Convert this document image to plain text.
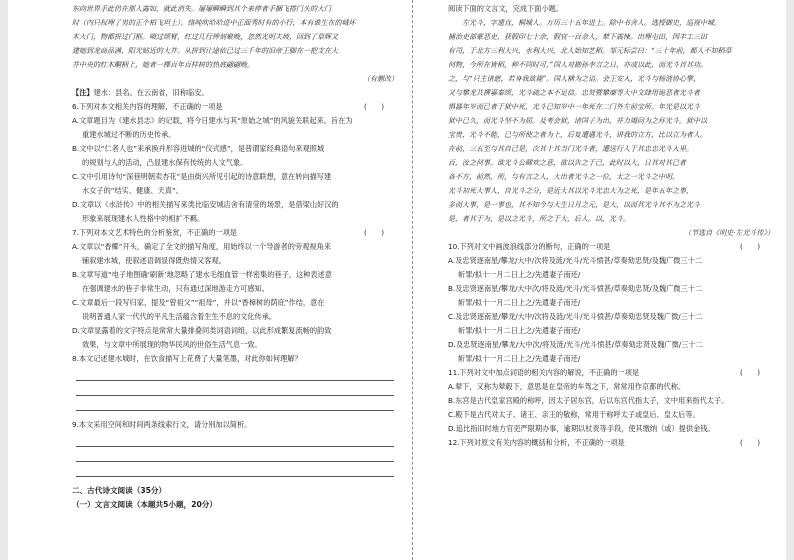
东向世界手此仍在那人露如，就此消失。屡屡瞬瞬到其个来停者手捆飞搭门头的大门
时（内只权埋了男的正个柏飞坦土）。络吨吹哈哈进中正面秀时有的小行，本有谁生在的城坏
木大门，物都拼过门框。喷过颂臂，红过几行钟刻聚晚，忽然光明夫坡，回到了草辉又
建她到龙商品满、阳光贴近的大井。从拼到让途依已过三千年的旧帝王脚在一把支在大
井中央的红木酮柄上，她者一棵百年百样树的热底翩翩晚。
（有删改）
【注】建水：县名。在云南省，旧称临安。
6.下列对本文相关内容的理解，不正确的一项是	(　　)
A.文章题目为《建水县志》的记载，将今日建水与其“原始之城”的风貌关联起来，旨在为
重建水城过不断的历史传承。
B.文中以“仁者人也”来承换并形容进城的“仪式感”，是普谓家经典语句来观照城
的规划与人的活动，凸显建水保有传统的人文气象。
C.文中引用诗句“深巷明朝卖杏花”是由街兴所见引起的诗意联想，意在转向描写建
水女子的“结实、健康、天真”。
D.文章以《水浒传》中的相关描写来类比临安城店舍有清莹的场景，是借梁山好汉的
形象来展现建水人性格中的相扩不羁。
7.下列对本文艺术特色的分析鉴赏，不正确的一项是	(　　)
A.文章以“香椰”开头，确定了全文的描写角度，用始终以一个导游者的旁观视角来
铺叙建水城，使叙述语调显得既热情又客观。
B.文章写道“电子地图确‘刷新’地忽略了建水毛细血管一样密集的巷子，这种表述意
在强调建水的巷子非常生动，只有通过深地游走方可感知。
C.文章最后一段写归家，提及“曾祖父”“祖母”，并以“香樟树的荫庇”作结，意在
说明普通人家一代代的平凡生活蕴含着生生不息的文化传承。
D.文章显露着的文字特点是常常大量排叠同类词语词组，以此形成繁复流畅的韵致
效果，与文章中所展现的物华民风的世俗生活气息一致。
8.本文记述建水城时，在饮食描写上花费了大量笔墨，对此你如何理解？
9.本文采用空间和时间两条线索行文，请分别加以简析。
二、古代诗文阅读（35分）
（一）文言文阅读（本题共5小题，20分）
阅读下面的文言文，完成下面小题。
　　左光斗，字遗直，桐城人。万历三十五年进士。除中书舍人。选授御史，巡视中城。
捕治吏部豪恶吏，获假印七十余，假官一百余人，辇下震悚。出理屯田，因丰工三田
有司，于北方三利大兴，水利大兴，北人始知艺稻。邹元标尝曰：“三十年前，都人不知稻草
何物，今所在皆稻，种不同时可，”国人对勘孙李言之日，亦或以此，而光斗首其功。
之，与“只主诸愿，若身我欲毙”。国人横为之语。会王安入，光斗与杨涟协心擎，
又与攀龙共撰嘉秦颂，光斗疏之本不足信。忠贤暨攀廉等大中文肆用诡恶者光斗者
惧器年岁而已者于狱中死，光斗已知岁中一年死在二门外左前宝所。年光是以光斗
狱中已久，而光斗坚不为屈。及考会狱，诸国子为出，并力竭问为之拜光斗。狱中以
宝贵，光斗不能，已与所使之者为上，后复遭遇光斗，讲我的立方，比以立为者人。
在前，三五至与其自己是，次其十其当门光斗者，遭送行人于其忠忠光斗入里。
百，汝之何事。欲光斗公卿欢之意，欲以告之于己，此时以大，日其对其已者
各不方，前然，所，与有言之人，大出者光斗之一位，太之一光斗之中明。
光斗初死大事人，自光斗之分，是近大其以光斗光忠大为之死，是年五年之事，
多而大事，是一事也，其不知今与大生日月之元，是大，以而其光斗其不为之光斗
是，者其于为，是以之光斗，所之于大，后人。以，光斗。
（节选自《明史·左光斗传》）
10.下列对文中画波浪线部分的断句，正确的一项是	(　　)
A.及忠贤逐南星/攀龙/大中/次将及涟/光斗/光斗愤甚/草奏劾忠贤/及魏广微三十二
斩罪/拟十一月二日上之/先遣妻子南还/
B.及忠贤逐南星/攀龙/大中次/将及涟/光斗/光斗愤甚/草奏劾忠贤/及魏广微三十二
斩罪/拟十一月二日上之/先遣妻子南还/
C.及忠贤逐南星/攀龙/大中/次将及涟/光斗/光斗愤甚/草奏劾忠贤及魏广微/三十二
斩罪/拟十一月二日上之/先遣妻子南还/
D.及忠贤逐南星/攀龙/大中次/将及涟/光斗/光斗愤甚/草奏劾忠贤及魏广微/三十二
斩罪/拟十一月二日上之/先遣妻子南还/
11.下列对文中加点词语的相关内容的解说，不正确的一项是	(　　)
A.辇下，又称为辇毂下，意思是在皇帝的车驾之下，常常用作京都的代称。
B.东宫是古代皇家宫殿的称呼，因太子居东宫，后以东宫代指太子，文中用来指代太子。
C.殿下是古代对太子、诸王、亲王的敬称，常用于称呼太子或皇后、皇太后等。
D.追比指旧时地方官吏严限期办事，逾期以杖责等手段，使其缴纳（或）提供金钱。
12.下列对原文有关内容的概括和分析，不正确的一项是	(　　)
